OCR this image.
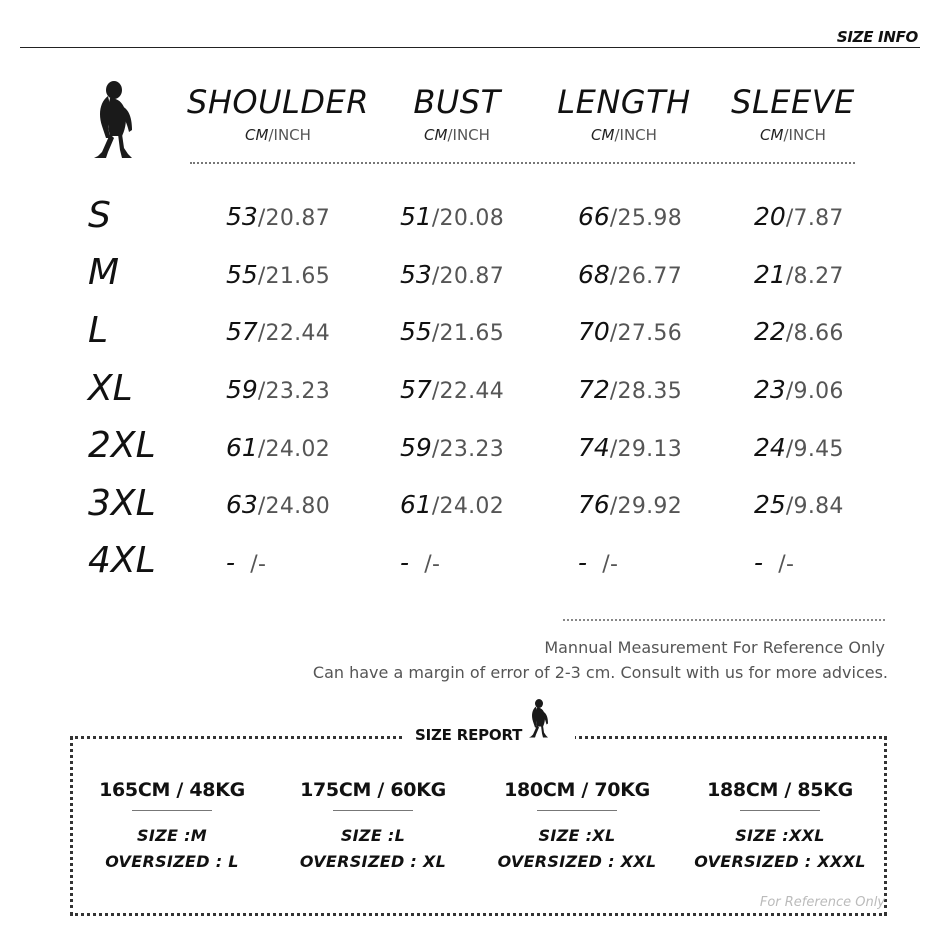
SIZE INFO
SHOULDER
CM/INCH
BUST
CM/INCH
LENGTH
CM/INCH
SLEEVE
CM/INCH
S	53/20.87	51/20.08	66/25.98	20/7.87
M	55/21.65	53/20.87	68/26.77	21/8.27
L	57/22.44	55/21.65	70/27.56	22/8.66
XL	59/23.23	57/22.44	72/28.35	23/9.06
2XL	61/24.02	59/23.23	74/29.13	24/9.45
3XL	63/24.80	61/24.02	76/29.92	25/9.84
4XL	- /-	- /-	- /-	- /-
Mannual Measurement For Reference Only
Can have a margin of error of 2-3 cm. Consult with us for more advices.
SIZE REPORT
165CM / 48KG
SIZE :M
OVERSIZED : L
175CM / 60KG
SIZE :L
OVERSIZED : XL
180CM / 70KG
SIZE :XL
OVERSIZED : XXL
188CM / 85KG
SIZE :XXL
OVERSIZED : XXXL
For Reference Only
